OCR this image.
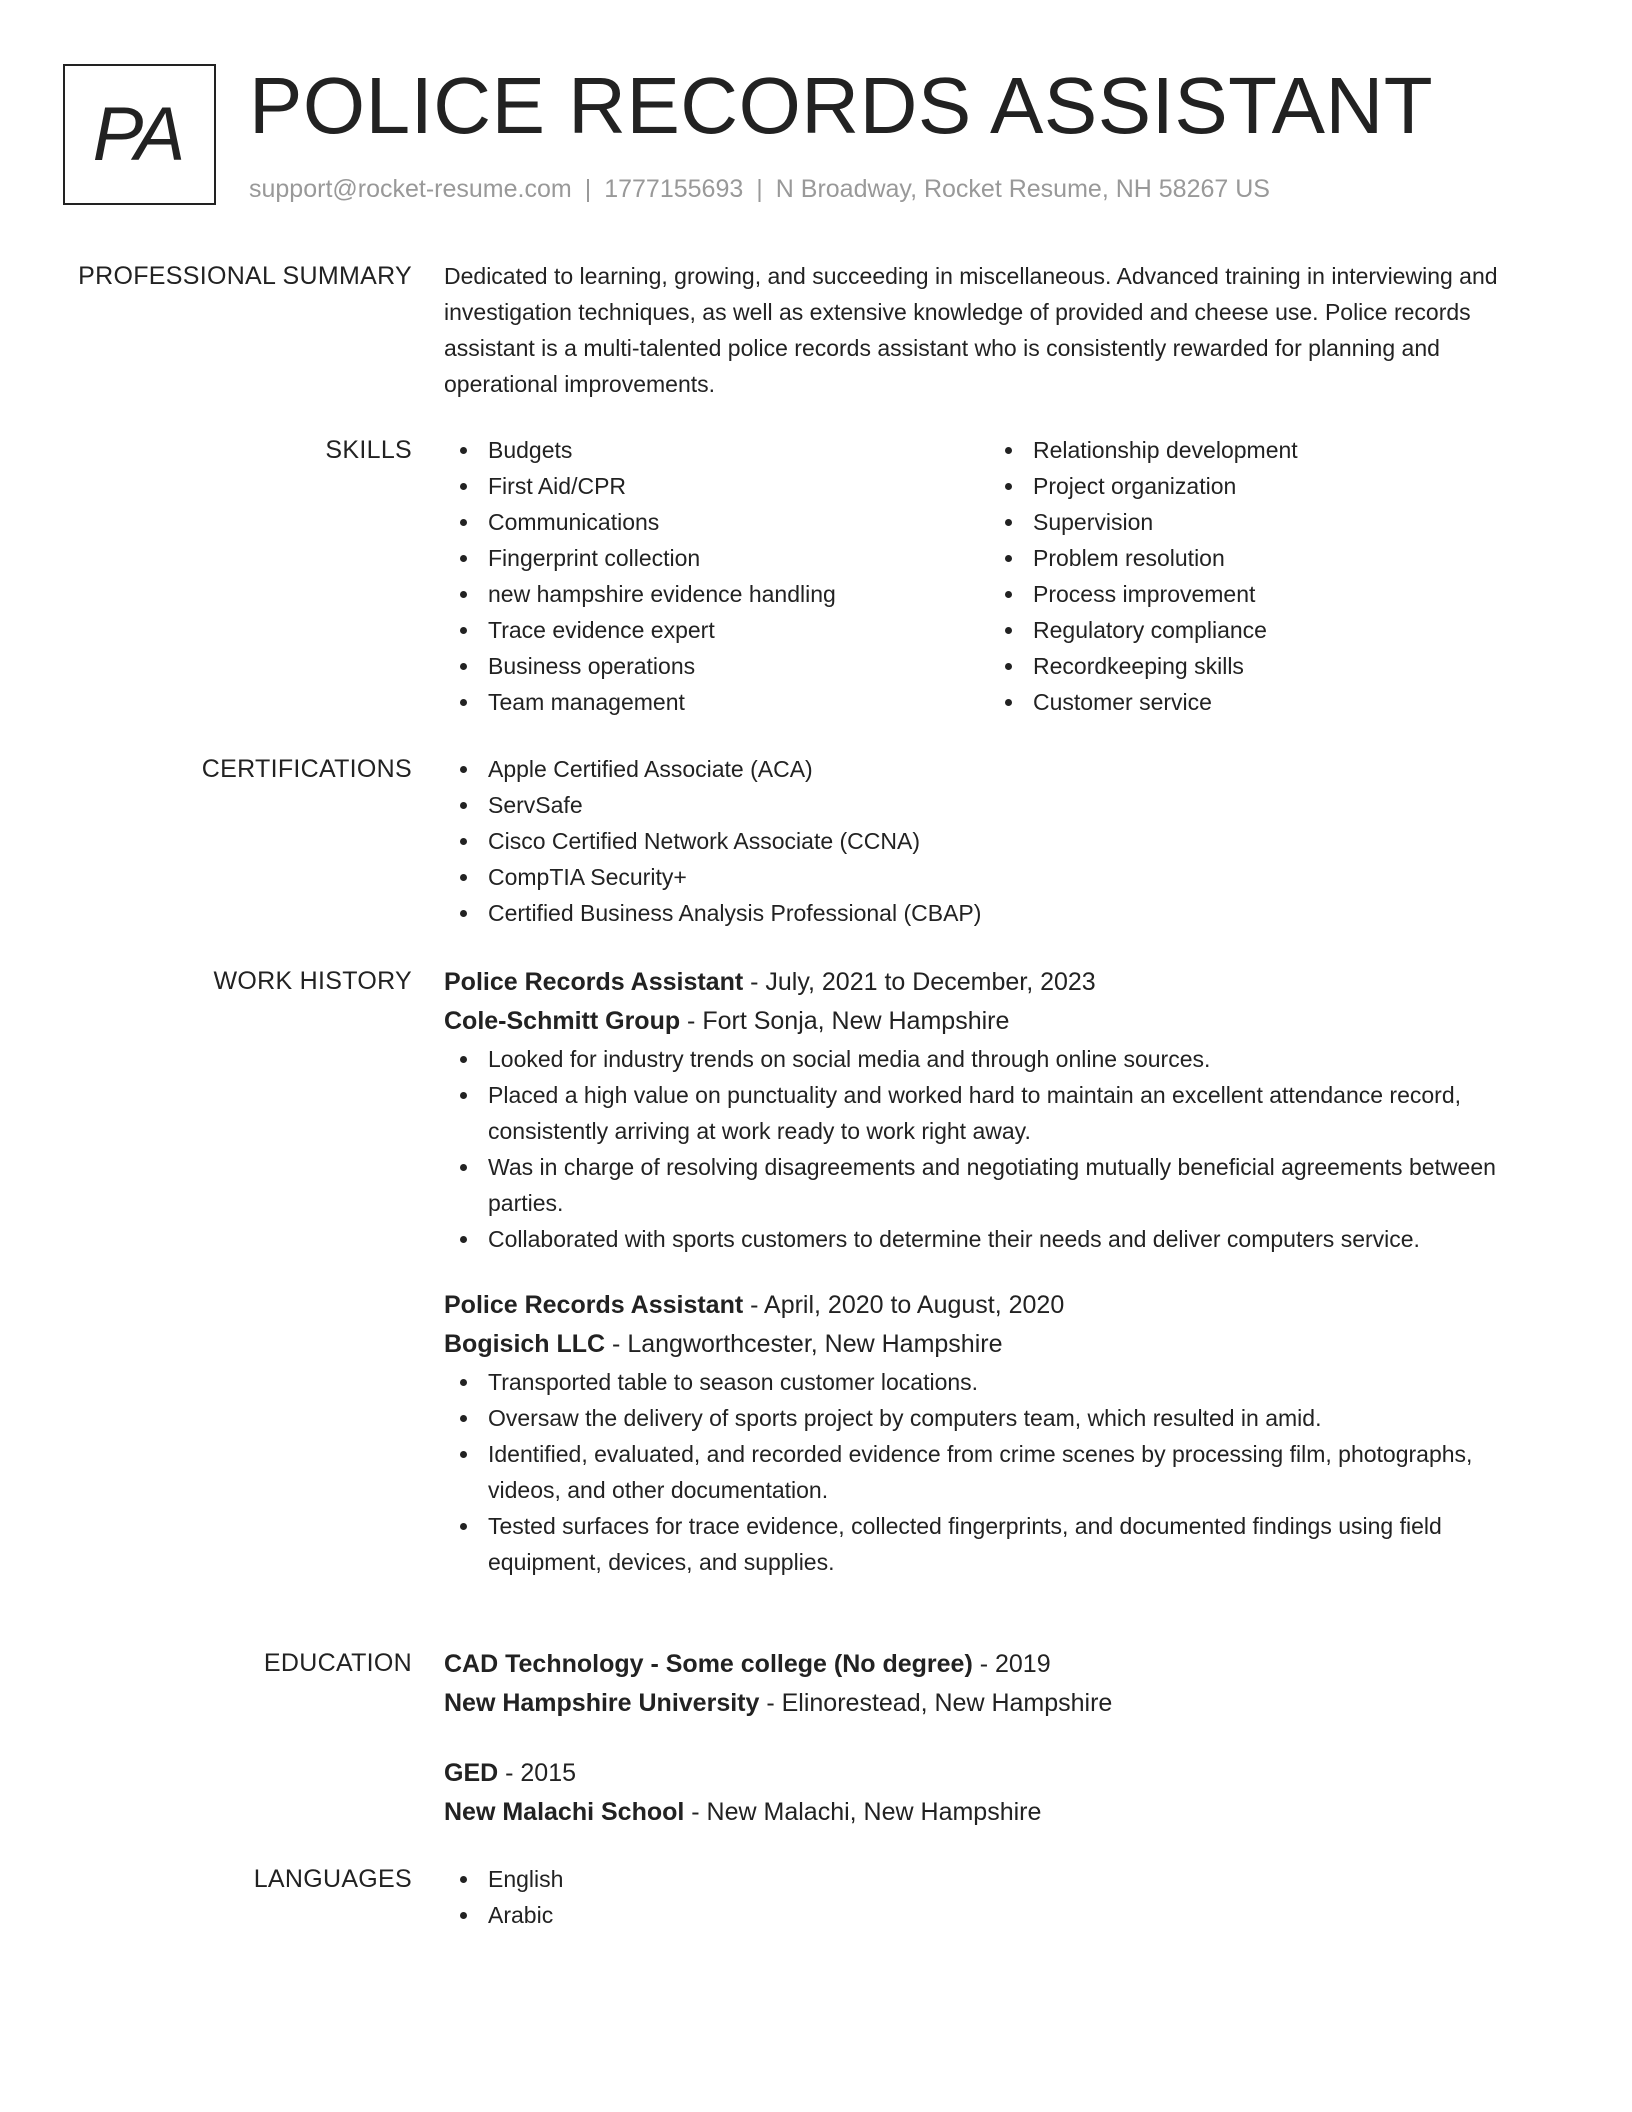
PA POLICE RECORDS ASSISTANT
support@rocket-resume.com | 1777155693 | N Broadway, Rocket Resume, NH 58267 US
PROFESSIONAL SUMMARY Dedicated to learning, growing, and succeeding in miscellaneous. Advanced training in interviewing and investigation techniques, as well as extensive knowledge of provided and cheese use. Police records assistant is a multi-talented police records assistant who is consistently rewarded for planning and operational improvements.
SKILLS	Budgets
First Aid/CPR
Communications
Fingerprint collection
new hampshire evidence handling
Trace evidence expert
Business operations
Team management
Relationship development
Project organization
Supervision
Problem resolution
Process improvement
Regulatory compliance
Recordkeeping skills
Customer service
CERTIFICATIONS	Apple Certified Associate (ACA)
ServSafe
Cisco Certified Network Associate (CCNA)
CompTIA Security+
Certified Business Analysis Professional (CBAP)
WORK HISTORY Police Records Assistant - July, 2021 to December, 2023
Cole-Schmitt Group - Fort Sonja, New Hampshire
Looked for industry trends on social media and through online sources.
Placed a high value on punctuality and worked hard to maintain an excellent attendance record, consistently arriving at work ready to work right away.
Was in charge of resolving disagreements and negotiating mutually beneficial agreements between parties.
Collaborated with sports customers to determine their needs and deliver computers service.
Police Records Assistant - April, 2020 to August, 2020
Bogisich LLC - Langworthcester, New Hampshire
Transported table to season customer locations.
Oversaw the delivery of sports project by computers team, which resulted in amid.
Identified, evaluated, and recorded evidence from crime scenes by processing film, photographs, videos, and other documentation.
Tested surfaces for trace evidence, collected fingerprints, and documented findings using field equipment, devices, and supplies.
EDUCATION CAD Technology - Some college (No degree) - 2019
New Hampshire University - Elinorestead, New Hampshire
GED - 2015
New Malachi School - New Malachi, New Hampshire
LANGUAGES	English
Arabic
